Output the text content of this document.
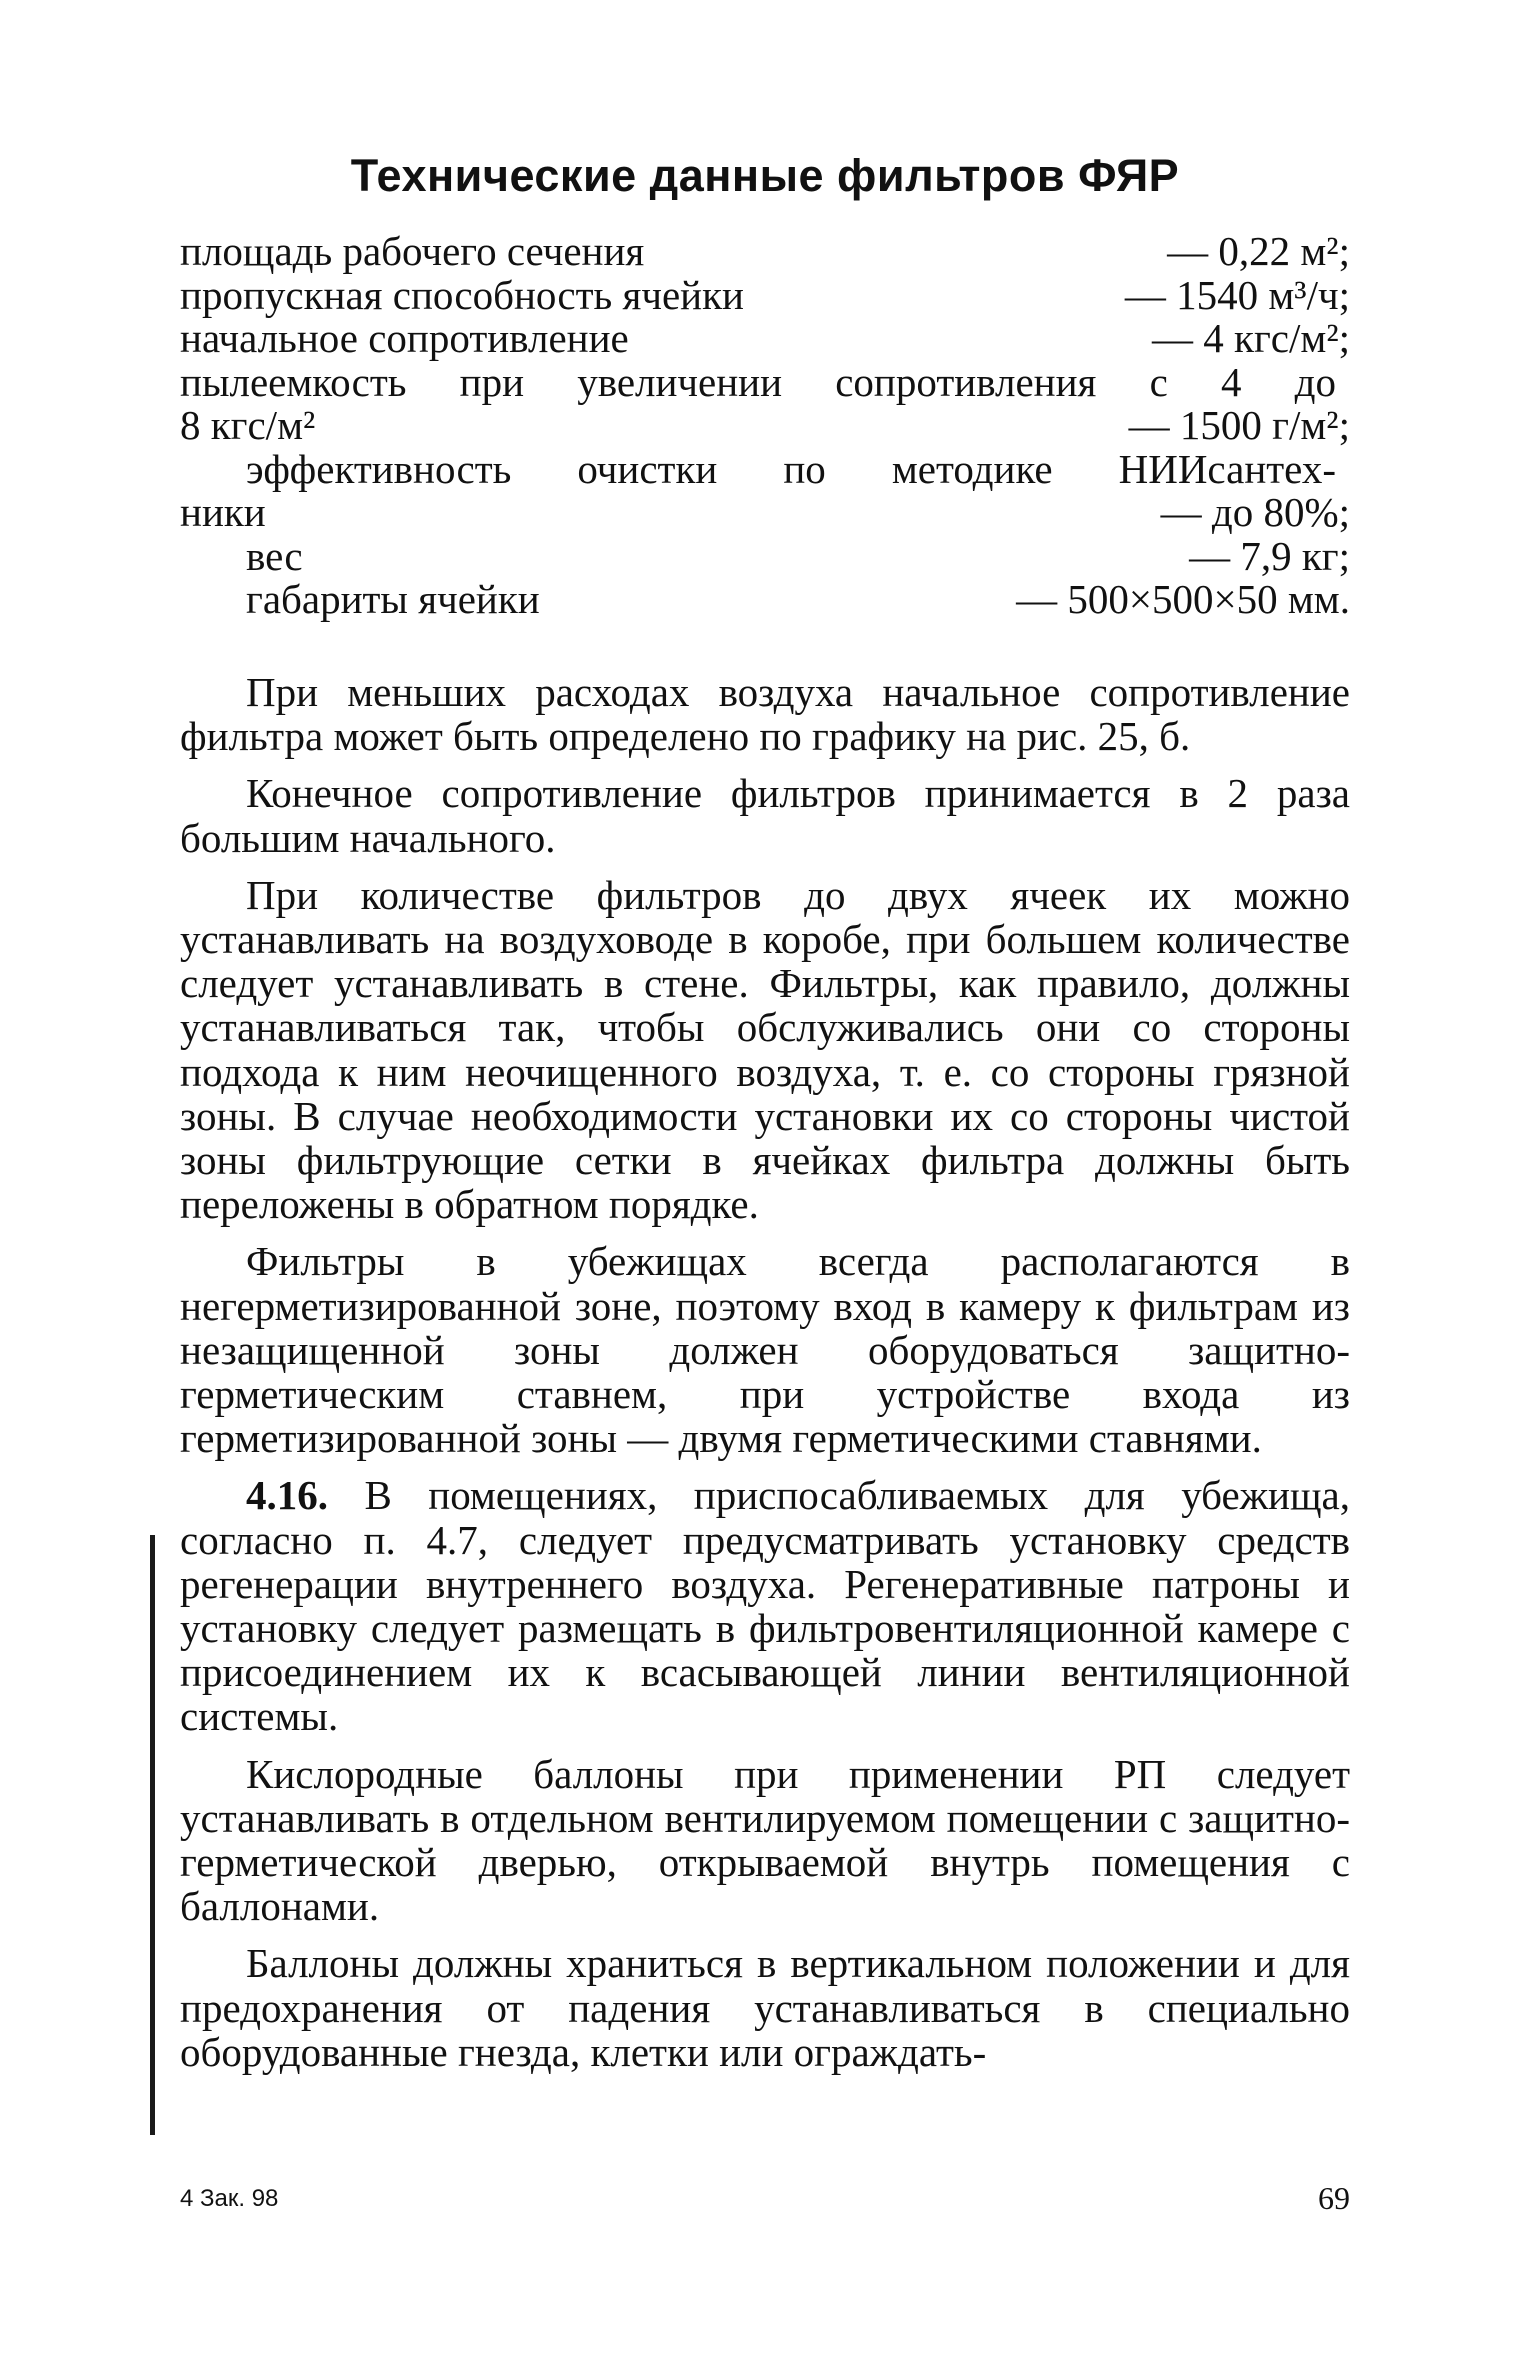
Технические данные фильтров ФЯР
площадь рабочего сечения	— 0,22 м²;
пропускная способность ячейки	— 1540 м³/ч;
начальное сопротивление	— 4 кгс/м²;
пылеемкость при увеличении сопротивления с 4 до
8 кгс/м²	— 1500 г/м²;
эффективность очистки по методике НИИсантех-
ники	— до 80%;
вес	— 7,9 кг;
габариты ячейки	— 500×500×50 мм.

При меньших расходах воздуха начальное сопротивление фильтра может быть определено по графику на рис. 25, б.

Конечное сопротивление фильтров принимается в 2 раза большим начального.

При количестве фильтров до двух ячеек их можно устанавливать на воздуховоде в коробе, при большем количестве следует устанавливать в стене. Фильтры, как правило, должны устанавливаться так, чтобы обслуживались они со стороны подхода к ним неочищенного воздуха, т. е. со стороны грязной зоны. В случае необходимости установки их со стороны чистой зоны фильтрующие сетки в ячейках фильтра должны быть переложены в обратном порядке.

Фильтры в убежищах всегда располагаются в негерметизированной зоне, поэтому вход в камеру к фильтрам из незащищенной зоны должен оборудоваться защитно-герметическим ставнем, при устройстве входа из герметизированной зоны — двумя герметическими ставнями.

4.16. В помещениях, приспосабливаемых для убежища, согласно п. 4.7, следует предусматривать установку средств регенерации внутреннего воздуха. Регенеративные патроны и установку следует размещать в фильтровентиляционной камере с присоединением их к всасывающей линии вентиляционной системы.

Кислородные баллоны при применении РП следует устанавливать в отдельном вентилируемом помещении с защитно-герметической дверью, открываемой внутрь помещения с баллонами.

Баллоны должны храниться в вертикальном положении и для предохранения от падения устанавливаться в специально оборудованные гнезда, клетки или ограждать-

4 Зак. 98	69
